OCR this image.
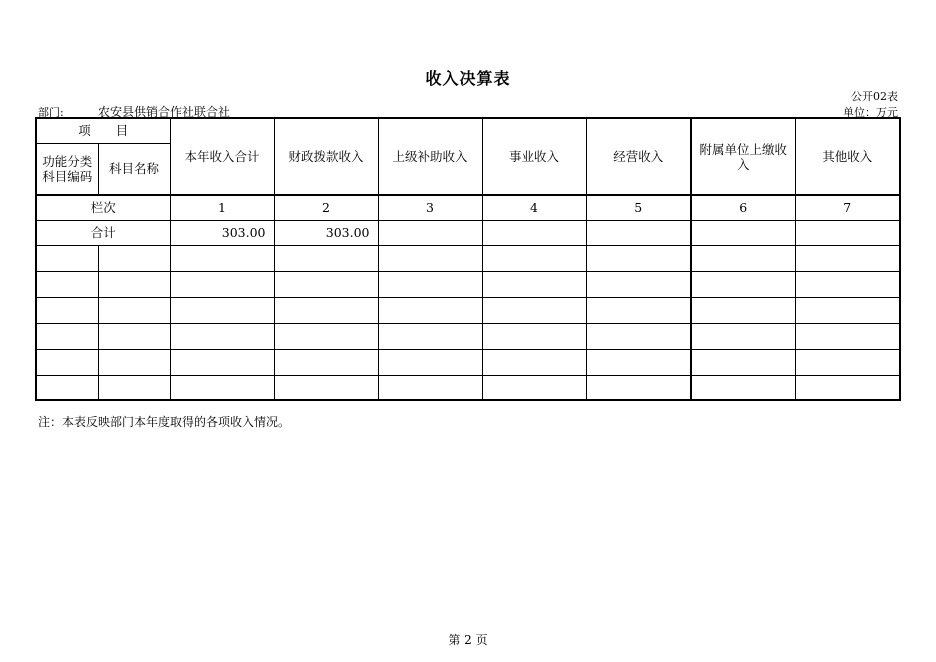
收入决算表
公开02表
部门:	农安县供销合作社联合社	单位：万元
项　　目		本年收入合计	财政拨款收入	上级补助收入	事业收入	经营收入	附属单位上缴收入	其他收入
功能分类科目编码	科目名称							
栏次		1	2	3	4	5	6	7
合计		303.00	303.00					

注：本表反映部门本年度取得的各项收入情况。
第 2 页
